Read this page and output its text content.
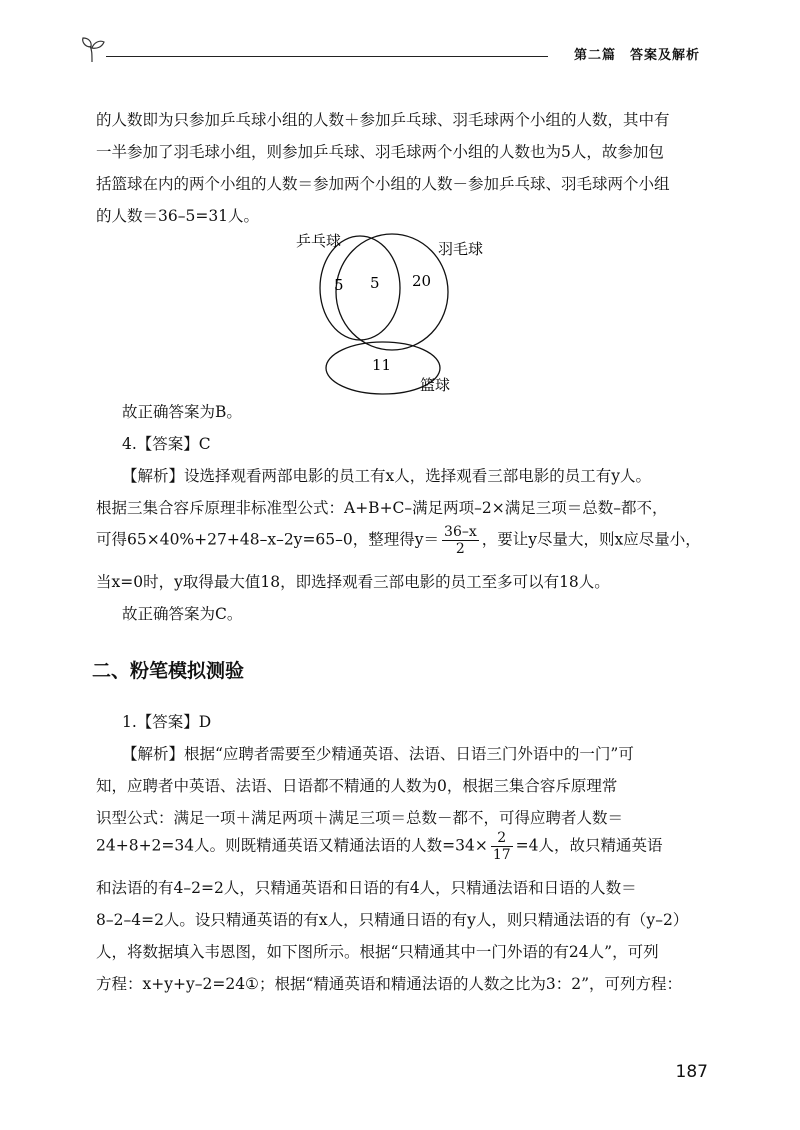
第二篇　答案及解析
的人数即为只参加乒乓球小组的人数＋参加乒乓球、羽毛球两个小组的人数，其中有
一半参加了羽毛球小组，则参加乒乓球、羽毛球两个小组的人数也为5人，故参加包
括篮球在内的两个小组的人数＝参加两个小组的人数－参加乒乓球、羽毛球两个小组
的人数＝36–5=31人。
乒乓球	羽毛球
篮球
5 5 20
11
故正确答案为B。
4.【答案】C
【解析】设选择观看两部电影的员工有x人，选择观看三部电影的员工有y人。
根据三集合容斥原理非标准型公式：A+B+C–满足两项–2×满足三项＝总数–都不，
可得65×40%+27+48–x–2y=65–0，整理得$y= \frac{36-x}{2}$ ，要让y尽量大，则x应尽量小，
当x=0时，y取得最大值18，即选择观看三部电影的员工至多可以有18人。
故正确答案为C。
二、粉笔模拟测验
1.【答案】D
【解析】根据“应聘者需要至少精通英语、法语、日语三门外语中的一门”可
知，应聘者中英语、法语、日语都不精通的人数为0，根据三集合容斥原理常
识型公式：满足一项＋满足两项＋满足三项＝总数－都不，可得应聘者人数＝
24+8+2=34人。则既精通英语又精通法语的人数$=34\times \frac{2}{17} =4$人，故只精通英语
和法语的有4–2=2人，只精通英语和日语的有4人，只精通法语和日语的人数＝
8–2–4=2人。设只精通英语的有x人，只精通日语的有y人，则只精通法语的有（y–2）
人，将数据填入韦恩图，如下图所示。根据“只精通其中一门外语的有24人”，可列
方程：x+y+y–2=24①；根据“精通英语和精通法语的人数之比为3：2”，可列方程：
187
